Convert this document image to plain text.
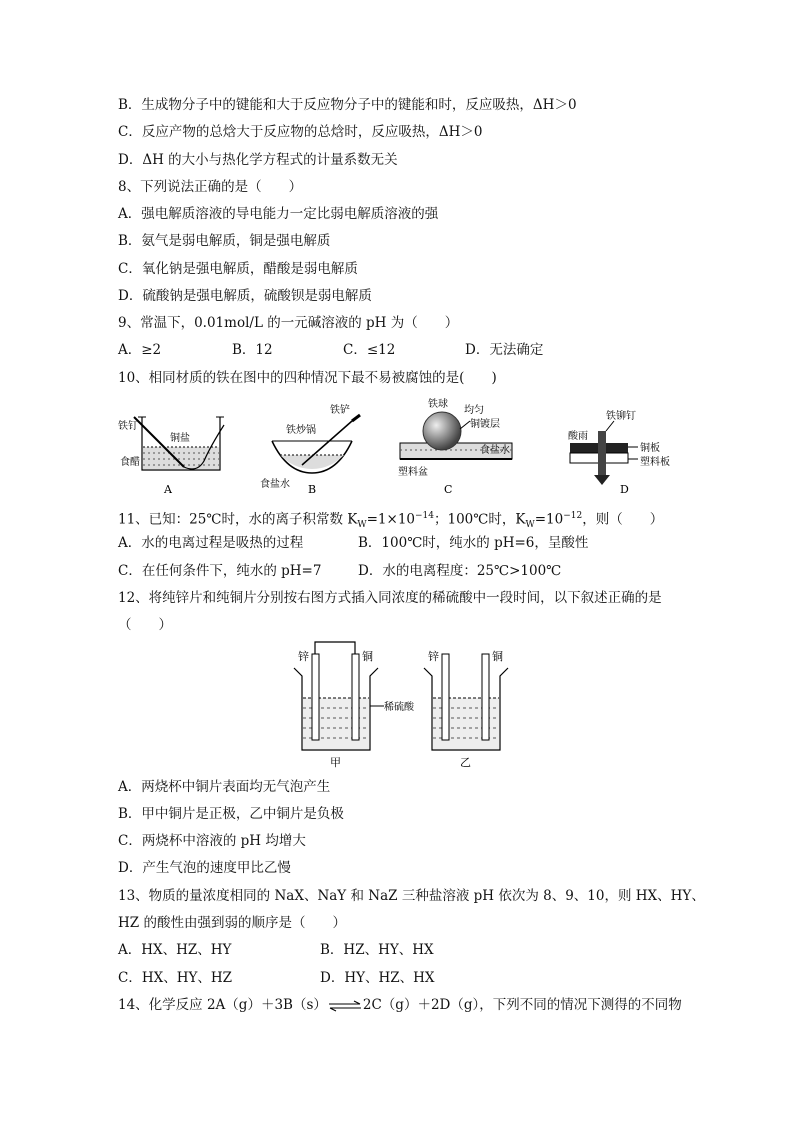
B．生成物分子中的键能和大于反应物分子中的键能和时，反应吸热，ΔH＞0
C．反应产物的总焓大于反应物的总焓时，反应吸热，ΔH＞0
D．ΔH 的大小与热化学方程式的计量系数无关
8、下列说法正确的是（　　）
A．强电解质溶液的导电能力一定比弱电解质溶液的强
B．氨气是弱电解质，铜是强电解质
C．氧化钠是强电解质，醋酸是弱电解质
D．硫酸钠是强电解质，硫酸钡是弱电解质
9、常温下，0.01mol/L 的一元碱溶液的 pH 为（　　）
A．≥2	B．12	C．≤12	D．无法确定
10、相同材质的铁在图中的四种情况下最不易被腐蚀的是(　　)
铁钉
铜盐
食醋
A
铁炒锅
铁铲
食盐水 B
铁球
均匀
铜镀层
食盐水
塑料盆
C
铁铆钉
酸雨
铜板
塑料板
D
11、已知：25℃时，水的离子积常数 $K_W=1\times 10^{-14}$；100℃时，$K_W=10^{-12}$，则（　　）
A．水的电离过程是吸热的过程	B．100℃时，纯水的 pH=6，呈酸性
C．在任何条件下，纯水的 pH=7	D．水的电离程度：25℃>100℃
12、将纯锌片和纯铜片分别按右图方式插入同浓度的稀硫酸中一段时间，以下叙述正确的是
（　　）
锌	铜
甲
稀硫酸
锌	铜
乙
A．两烧杯中铜片表面均无气泡产生
B．甲中铜片是正极，乙中铜片是负极
C．两烧杯中溶液的 pH 均增大
D．产生气泡的速度甲比乙慢
13、物质的量浓度相同的 NaX、NaY 和 NaZ 三种盐溶液 pH 依次为 8、9、10，则 HX、HY、
HZ 的酸性由强到弱的顺序是（　　）
A．HX、HZ、HY	B．HZ、HY、HX
C．HX、HY、HZ	D．HY、HZ、HX
14、化学反应 2A（g）＋3B（s）⇌2C（g）＋2D（g），下列不同的情况下测得的不同物
